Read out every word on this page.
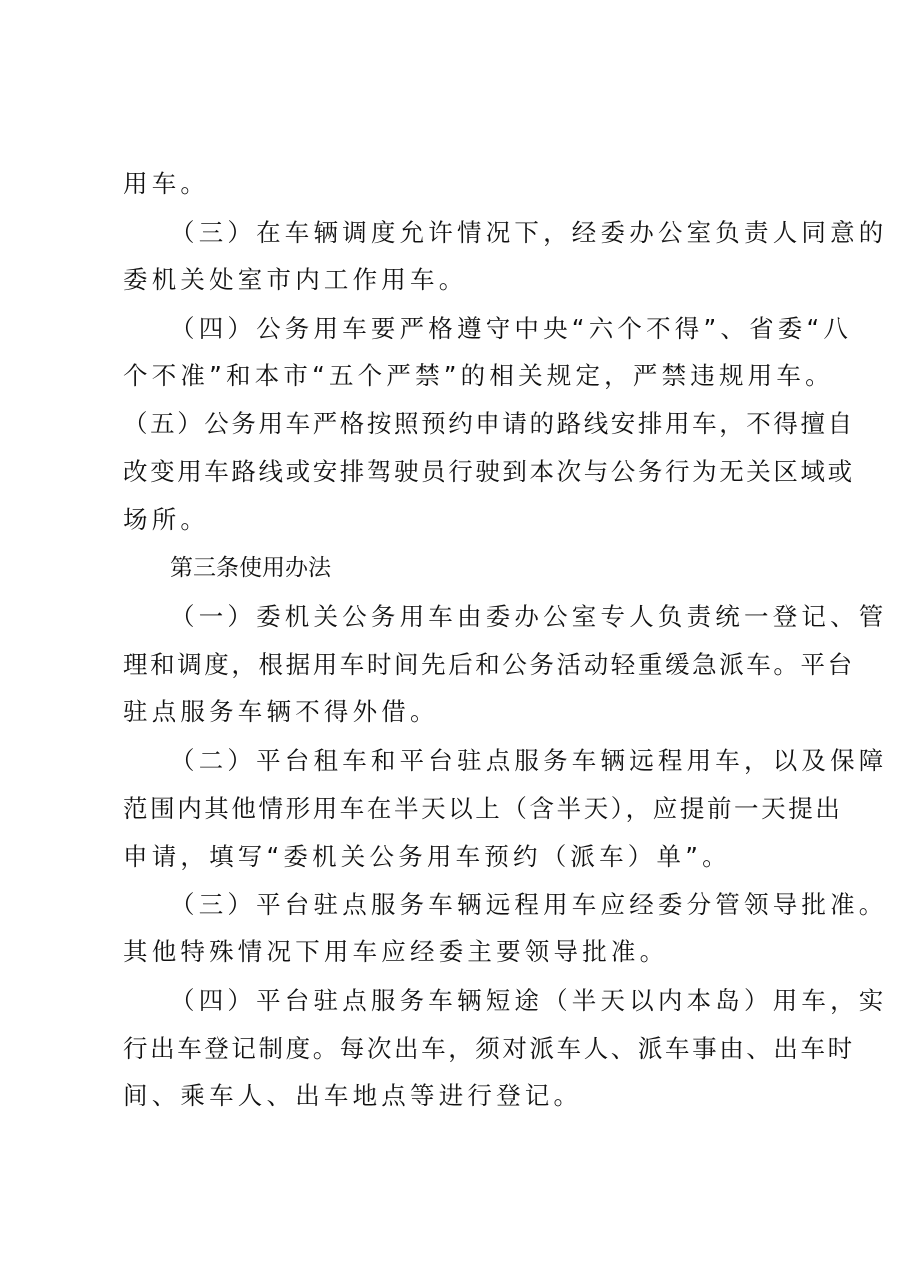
用车。
（三）在车辆调度允许情况下，经委办公室负责人同意的
委机关处室市内工作用车。
（四）公务用车要严格遵守中央“六个不得”、省委“八
个不准”和本市“五个严禁”的相关规定，严禁违规用车。
（五）公务用车严格按照预约申请的路线安排用车，不得擅自
改变用车路线或安排驾驶员行驶到本次与公务行为无关区域或
场所。
第三条使用办法
（一）委机关公务用车由委办公室专人负责统一登记、管
理和调度，根据用车时间先后和公务活动轻重缓急派车。平台
驻点服务车辆不得外借。
（二）平台租车和平台驻点服务车辆远程用车，以及保障
范围内其他情形用车在半天以上（含半天），应提前一天提出
申请，填写“委机关公务用车预约（派车）单”。
（三）平台驻点服务车辆远程用车应经委分管领导批准。
其他特殊情况下用车应经委主要领导批准。
（四）平台驻点服务车辆短途（半天以内本岛）用车，实
行出车登记制度。每次出车，须对派车人、派车事由、出车时
间、乘车人、出车地点等进行登记。
